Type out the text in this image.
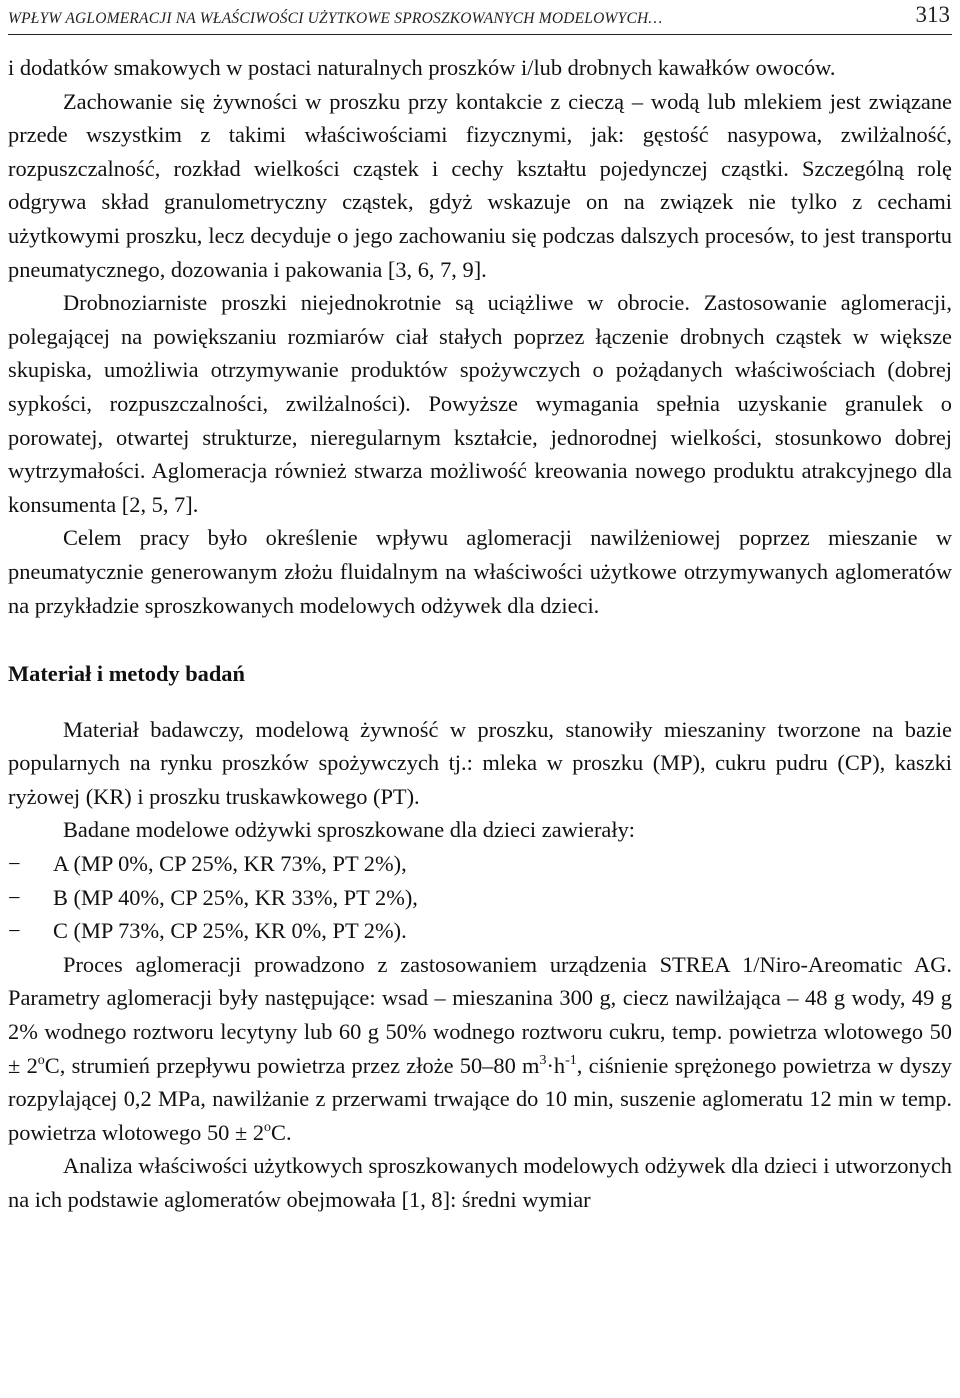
WPŁYW AGLOMERACJI NA WŁAŚCIWOŚCI UŻYTKOWE SPROSZKOWANYCH MODELOWYCH…	313

i dodatków smakowych w postaci naturalnych proszków i/lub drobnych kawałków owoców.

Zachowanie się żywności w proszku przy kontakcie z cieczą – wodą lub mlekiem jest związane przede wszystkim z takimi właściwościami fizycznymi, jak: gęstość nasypowa, zwilżalność, rozpuszczalność, rozkład wielkości cząstek i cechy kształtu pojedynczej cząstki. Szczególną rolę odgrywa skład granulometryczny cząstek, gdyż wskazuje on na związek nie tylko z cechami użytkowymi proszku, lecz decyduje o jego zachowaniu się podczas dalszych procesów, to jest transportu pneumatycznego, dozowania i pakowania [3, 6, 7, 9].

Drobnoziarniste proszki niejednokrotnie są uciążliwe w obrocie. Zastosowanie aglomeracji, polegającej na powiększaniu rozmiarów ciał stałych poprzez łączenie drobnych cząstek w większe skupiska, umożliwia otrzymywanie produktów spożywczych o pożądanych właściwościach (dobrej sypkości, rozpuszczalności, zwilżalności). Powyższe wymagania spełnia uzyskanie granulek o porowatej, otwartej strukturze, nieregularnym kształcie, jednorodnej wielkości, stosunkowo dobrej wytrzymałości. Aglomeracja również stwarza możliwość kreowania nowego produktu atrakcyjnego dla konsumenta [2, 5, 7].

Celem pracy było określenie wpływu aglomeracji nawilżeniowej poprzez mieszanie w pneumatycznie generowanym złożu fluidalnym na właściwości użytkowe otrzymywanych aglomeratów na przykładzie sproszkowanych modelowych odżywek dla dzieci.

Materiał i metody badań

Materiał badawczy, modelową żywność w proszku, stanowiły mieszaniny tworzone na bazie popularnych na rynku proszków spożywczych tj.: mleka w proszku (MP), cukru pudru (CP), kaszki ryżowej (KR) i proszku truskawkowego (PT).

Badane modelowe odżywki sproszkowane dla dzieci zawierały:

−	A (MP 0%, CP 25%, KR 73%, PT 2%),
−	B (MP 40%, CP 25%, KR 33%, PT 2%),
−	C (MP 73%, CP 25%, KR 0%, PT 2%).

Proces aglomeracji prowadzono z zastosowaniem urządzenia STREA 1/Niro-Areomatic AG. Parametry aglomeracji były następujące: wsad – mieszanina 300 g, ciecz nawilżająca – 48 g wody, 49 g 2% wodnego roztworu lecytyny lub 60 g 50% wodnego roztworu cukru, temp. powietrza wlotowego $50 \pm 2^oC$, strumień przepływu powietrza przez złoże 50–80 $m^3\cdot h^{-1}$, ciśnienie sprężonego powietrza w dyszy rozpylającej 0,2 MPa, nawilżanie z przerwami trwające do 10 min, suszenie aglomeratu 12 min w temp. powietrza wlotowego $50 \pm 2^oC$.

Analiza właściwości użytkowych sproszkowanych modelowych odżywek dla dzieci i utworzonych na ich podstawie aglomeratów obejmowała [1, 8]: średni wymiar
